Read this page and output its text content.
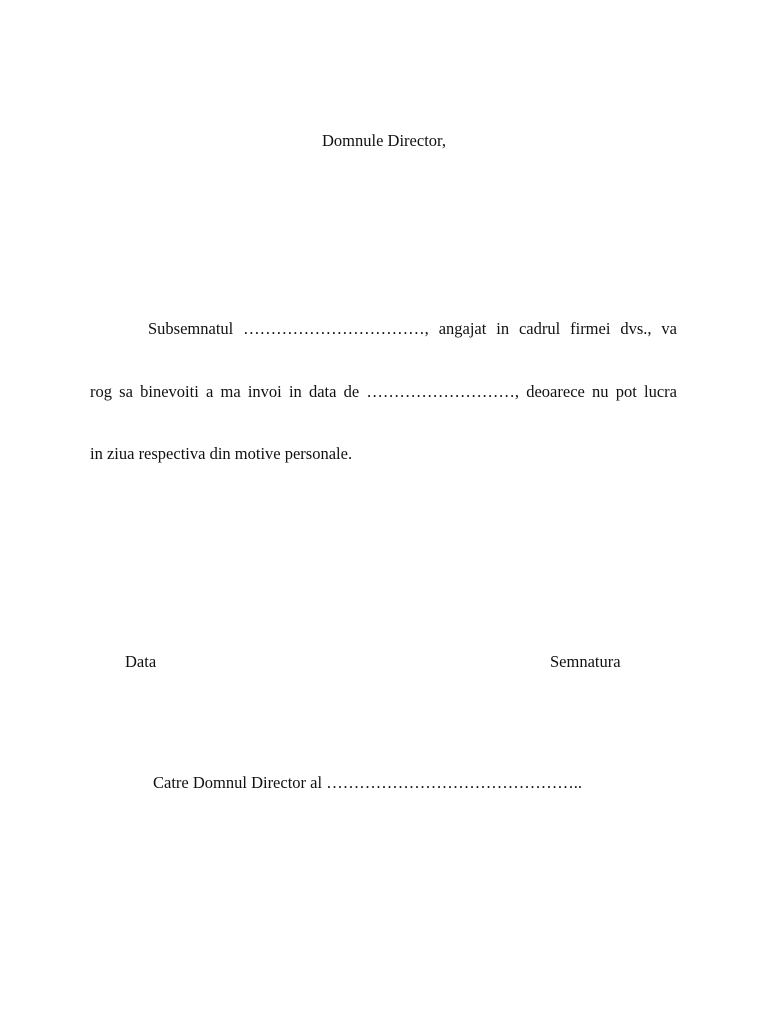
Domnule Director,
Subsemnatul ……………………………, angajat in cadrul firmei dvs., va
rog sa binevoiti a ma invoi in data de ………………………, deoarece nu pot lucra
in ziua respectiva din motive personale.
Data	Semnatura
Catre Domnul Director al ………………………………………..
